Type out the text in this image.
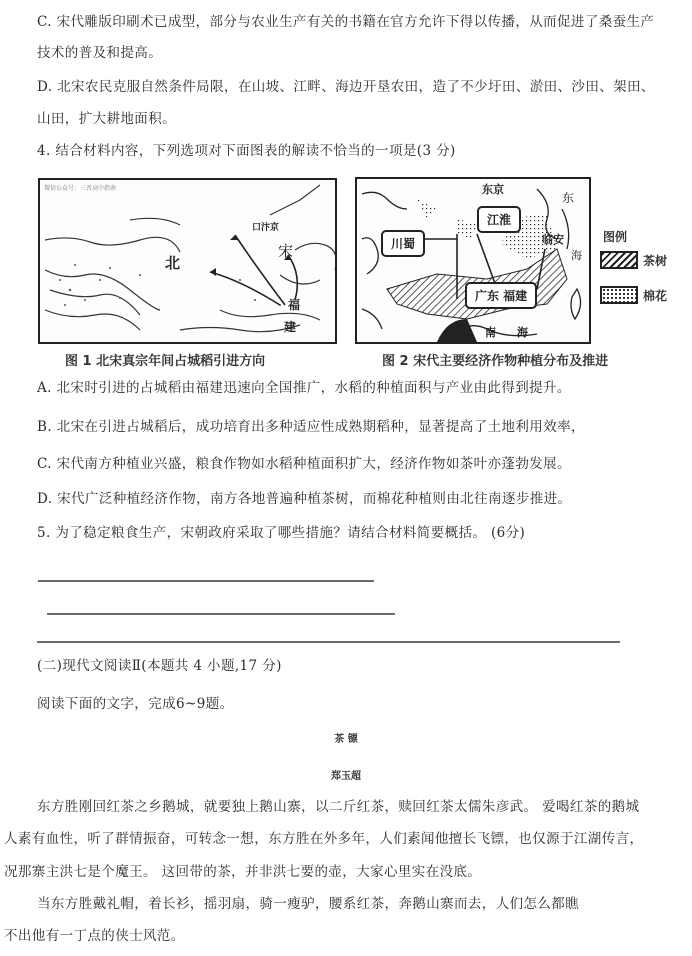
C. 宋代雕版印刷术已成型，部分与农业生产有关的书籍在官方允许下得以传播，从而促进了桑蚕生产
技术的普及和提高。
D. 北宋农民克服自然条件局限，在山坡、江畔、海边开垦农田，造了不少圩田、淤田、沙田、架田、
山田，扩大耕地面积。
4. 结合材料内容，下列选项对下面图表的解读不恰当的一项是(3 分)
微信公众号：三晋高中指南
口汴京
北
宋
福
建
图 1 北宋真宗年间占城稻引进方向
东京
江淮
川蜀	临安
东
海
广东 福建
南 海
图例
茶树
棉花
图 2 宋代主要经济作物种植分布及推进
A. 北宋时引进的占城稻由福建迅速向全国推广，水稻的种植面积与产业由此得到提升。
B. 北宋在引进占城稻后，成功培育出多种适应性成熟期稻种，显著提高了土地利用效率，
C. 宋代南方种植业兴盛，粮食作物如水稻种植面积扩大，经济作物如茶叶亦蓬勃发展。
D. 宋代广泛种植经济作物，南方各地普遍种植茶树，而棉花种植则由北往南逐步推进。
5. 为了稳定粮食生产，宋朝政府采取了哪些措施？请结合材料简要概括。 (6分)
(二)现代文阅读Ⅱ(本题共 4 小题,17 分)
阅读下面的文字，完成6~9题。
茶 镖
郑玉超
东方胜刚回红茶之乡鹅城，就要独上鹅山寨，以二斤红茶，赎回红茶太儒朱彦武。 爱喝红茶的鹅城
人素有血性，听了群情振奋，可转念一想，东方胜在外多年，人们素闻他擅长飞镖，也仅源于江湖传言，
况那寨主洪七是个魔王。 这回带的茶，并非洪七要的壶，大家心里实在没底。
当东方胜戴礼帽，着长衫，摇羽扇，骑一瘦驴，腰系红茶，奔鹅山寨而去，人们怎么都瞧
不出他有一丁点的侠士风范。
